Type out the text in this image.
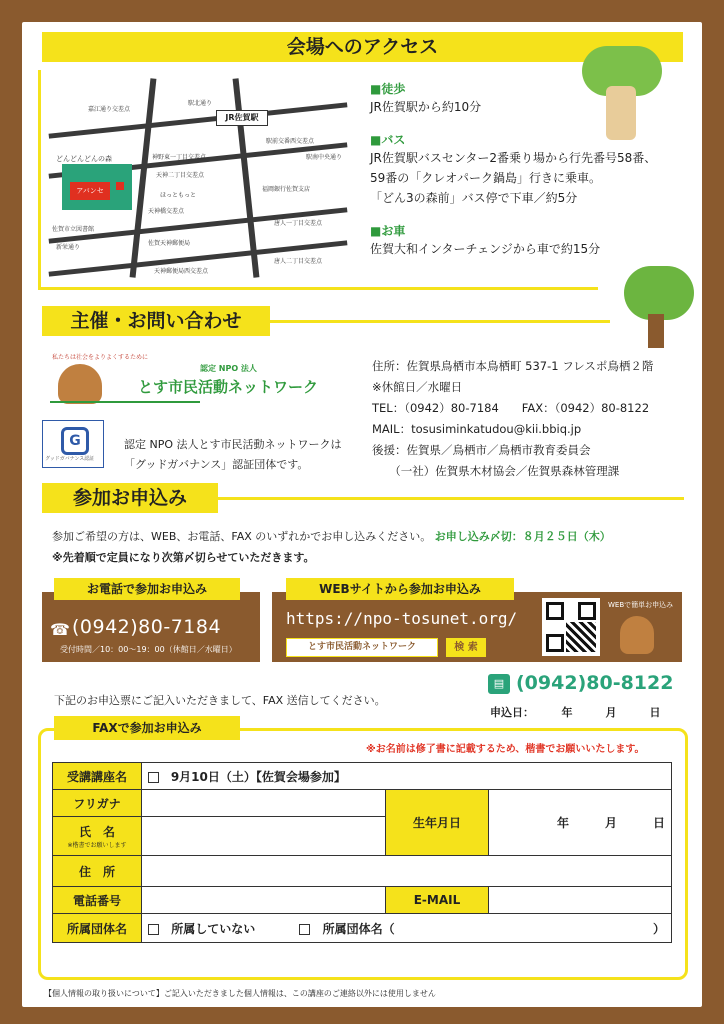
会場へのアクセス
JR佐賀駅
アバンセ
どんどんどんの森
佐賀市立図書館
駅北通り
嘉江通り交差点
神野東一丁目交差点
駅前交番西交差点
駅南中央通り
天神二丁目交差点
ほっともっと
福岡銀行佐賀支店
天神橋交差点
唐人一丁目交差点
佐賀天神郵便局
新栄通り
天神郵便局西交差点
唐人二丁目交差点
■徒歩
JR佐賀駅から約10分
■バス
JR佐賀駅バスセンター2番乗り場から行先番号58番、
59番の「クレオパーク鍋島」行きに乗車。
「どん3の森前」バス停で下車／約5分
■お車
佐賀大和インターチェンジから車で約15分
主催・お問い合わせ
私たちは社会をよりよくするために
認定 NPO 法人
とす市民活動ネットワーク
G
グッドガバナンス認証
認定 NPO 法人とす市民活動ネットワークは
「グッドガバナンス」認証団体です。
住所：佐賀県鳥栖市本鳥栖町 537-1 フレスポ鳥栖２階
※休館日／水曜日
TEL：（0942）80-7184　　FAX：（0942）80-8122
MAIL：tosusiminkatudou@kii.bbiq.jp
後援：佐賀県／鳥栖市／鳥栖市教育委員会
　　（一社）佐賀県木材協会／佐賀県森林管理課
参加お申込み
参加ご希望の方は、WEB、お電話、FAX のいずれかでお申し込みください。 お申し込み〆切：８月２５日（木）
※先着順で定員になり次第〆切らせていただきます。
お電話で参加お申込み
☎ (0942)80-7184
受付時間／10：00～19：00（休館日／水曜日）
WEBサイトから参加お申込み
https://npo-tosunet.org/
とす市民活動ネットワーク	検 索
WEBで簡単お申込み
下記のお申込票にご記入いただきまして、FAX 送信してください。
▤ (0942)80-8122
申込日：　　　年　　　月　　　日
FAXで参加お申込み
※お名前は修了書に記載するため、楷書でお願いいたします。
受講講座名	9月10日（土）【佐賀会場参加】		
フリガナ		生年月日	年　　　月　　　日

氏　名
※楷書でお願いします			

住　所			
電話番号		E-MAIL	
所属団体名	所属していない 所属団体名（ ）		
【個人情報の取り扱いについて】ご記入いただきました個人情報は、この講座のご連絡以外には使用しません
